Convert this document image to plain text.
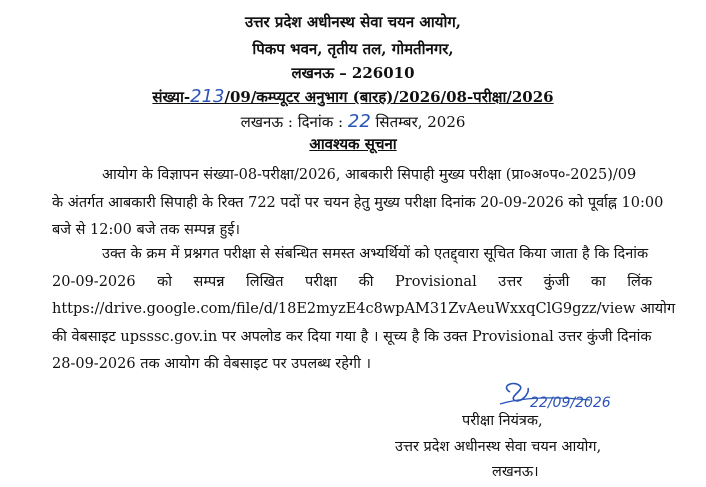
उत्तर प्रदेश अधीनस्थ सेवा चयन आयोग,
पिकप भवन, तृतीय तल, गोमतीनगर,
लखनऊ – 226010
संख्या-213/09/कम्प्यूटर अनुभाग (बारह)/2026/08-परीक्षा/2026
लखनऊ : दिनांक : 22 सितम्बर, 2026
आवश्यक सूचना
आयोग के विज्ञापन संख्या-08-परीक्षा/2026, आबकारी सिपाही मुख्य परीक्षा (प्रा०अ०प०-2025)/09
के अंतर्गत आबकारी सिपाही के रिक्त 722 पदों पर चयन हेतु मुख्य परीक्षा दिनांक 20-09-2026 को पूर्वाह्न 10:00
बजे से 12:00 बजे तक सम्पन्न हुई।
उक्त के क्रम में प्रश्नगत परीक्षा से संबन्धित समस्त अभ्यर्थियों को एतद्द्वारा सूचित किया जाता है कि दिनांक
20-09-2026 को सम्पन्न लिखित परीक्षा की Provisional उत्तर कुंजी का लिंक
https://drive.google.com/file/d/18E2myzE4c8wpAM31ZvAeuWxxqClG9gzz/view आयोग
की वेबसाइट upsssc.gov.in पर अपलोड कर दिया गया है । सूच्य है कि उक्त Provisional उत्तर कुंजी दिनांक
28-09-2026 तक आयोग की वेबसाइट पर उपलब्ध रहेगी ।
22/09/2026
परीक्षा नियंत्रक,
उत्तर प्रदेश अधीनस्थ सेवा चयन आयोग,
लखनऊ।
